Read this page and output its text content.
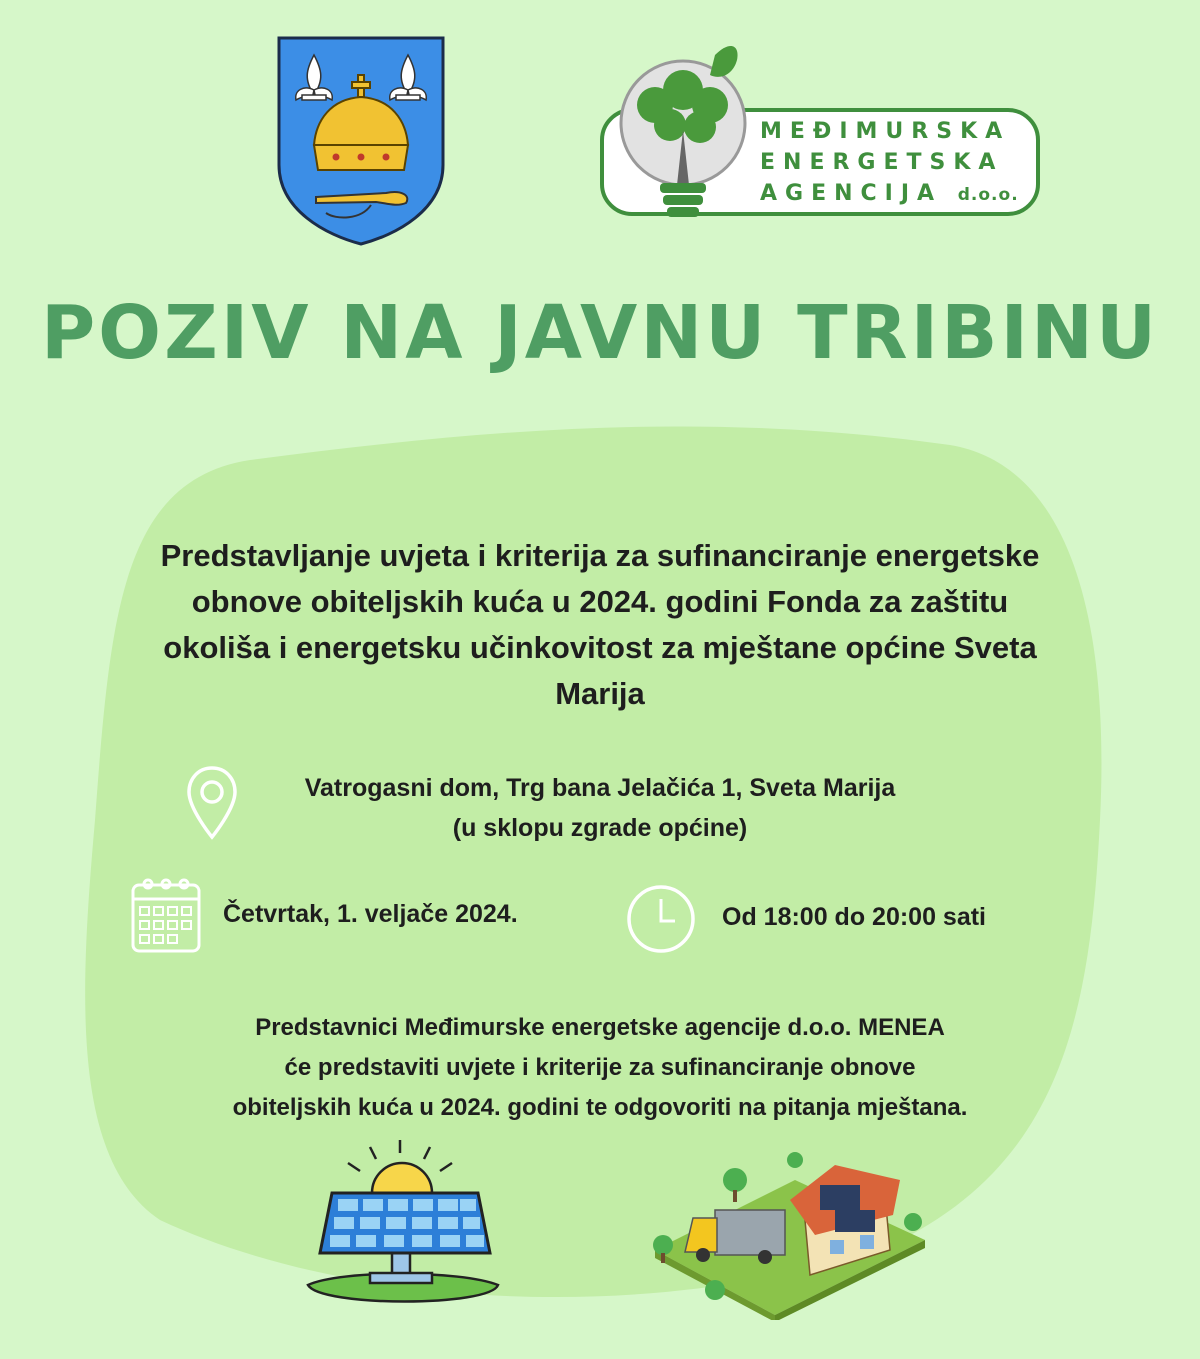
MEĐIMURSKA
ENERGETSKA
AGENCIJA d.o.o.
POZIV NA JAVNU TRIBINU
Predstavljanje uvjeta i kriterija za sufinanciranje energetske obnove obiteljskih kuća u 2024. godini Fonda za zaštitu okoliša i energetsku učinkovitost za mještane općine Sveta Marija
Vatrogasni dom, Trg bana Jelačića 1, Sveta Marija
(u sklopu zgrade općine)
Četvrtak, 1. veljače 2024.	Od 18:00 do 20:00 sati
Predstavnici Međimurske energetske agencije d.o.o. MENEA
će predstaviti uvjete i kriterije za sufinanciranje obnove
obiteljskih kuća u 2024. godini te odgovoriti na pitanja mještana.
